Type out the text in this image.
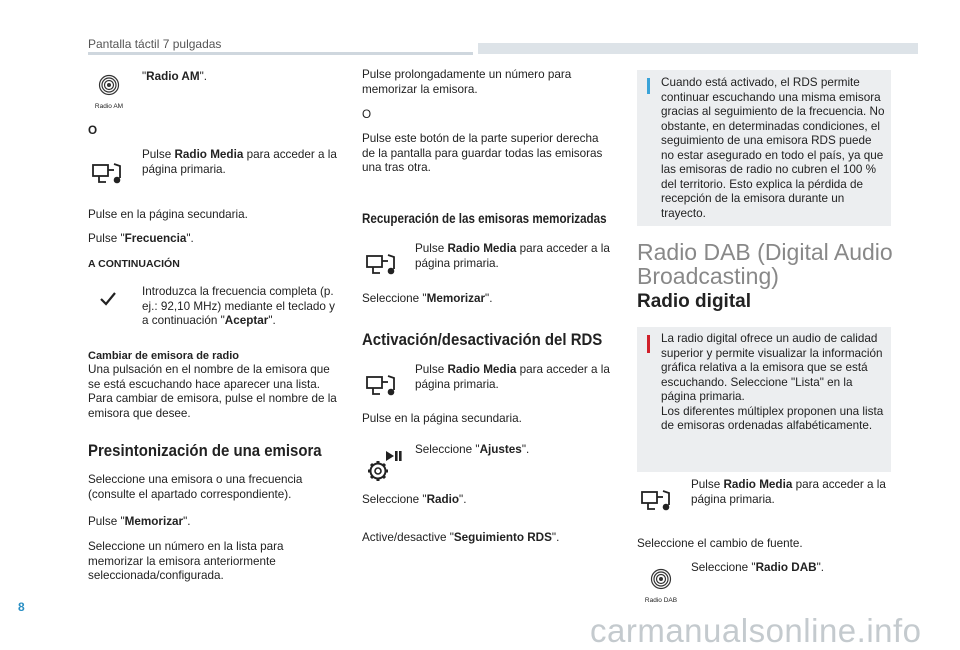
Pantalla táctil 7 pulgadas
Radio AM

"Radio AM".

O

Pulse Radio Media para acceder a la página primaria.

Pulse en la página secundaria.

Pulse "Frecuencia".

A CONTINUACIÓN

Introduzca la frecuencia completa (p. ej.: 92,10 MHz) mediante el teclado y a continuación "Aceptar".

Cambiar de emisora de radio

Una pulsación en el nombre de la emisora que se está escuchando hace aparecer una lista. Para cambiar de emisora, pulse el nombre de la emisora que desee.

Presintonización de una emisora

Seleccione una emisora o una frecuencia (consulte el apartado correspondiente).

Pulse "Memorizar".

Seleccione un número en la lista para memorizar la emisora anteriormente seleccionada/configurada.

Pulse prolongadamente un número para memorizar la emisora.

O

Pulse este botón de la parte superior derecha de la pantalla para guardar todas las emisoras una tras otra.

Recuperación de las emisoras memorizadas

Pulse Radio Media para acceder a la página primaria.

Seleccione "Memorizar".

Activación/desactivación del RDS

Pulse Radio Media para acceder a la página primaria.

Pulse en la página secundaria.

Seleccione "Ajustes".

Seleccione "Radio".

Active/desactive "Seguimiento RDS".

Cuando está activado, el RDS permite continuar escuchando una misma emisora gracias al seguimiento de la frecuencia. No obstante, en determinadas condiciones, el seguimiento de una emisora RDS puede no estar asegurado en todo el país, ya que las emisoras de radio no cubren el 100 % del territorio. Esto explica la pérdida de recepción de la emisora durante un trayecto.

Radio DAB (Digital Audio Broadcasting)
Radio digital

La radio digital ofrece un audio de calidad superior y permite visualizar la información gráfica relativa a la emisora que se está escuchando. Seleccione "Lista" en la página primaria.
Los diferentes múltiplex proponen una lista de emisoras ordenadas alfabéticamente.

Pulse Radio Media para acceder a la página primaria.

Seleccione el cambio de fuente.

Radio DAB

Seleccione "Radio DAB".

8
carmanualsonline.info
